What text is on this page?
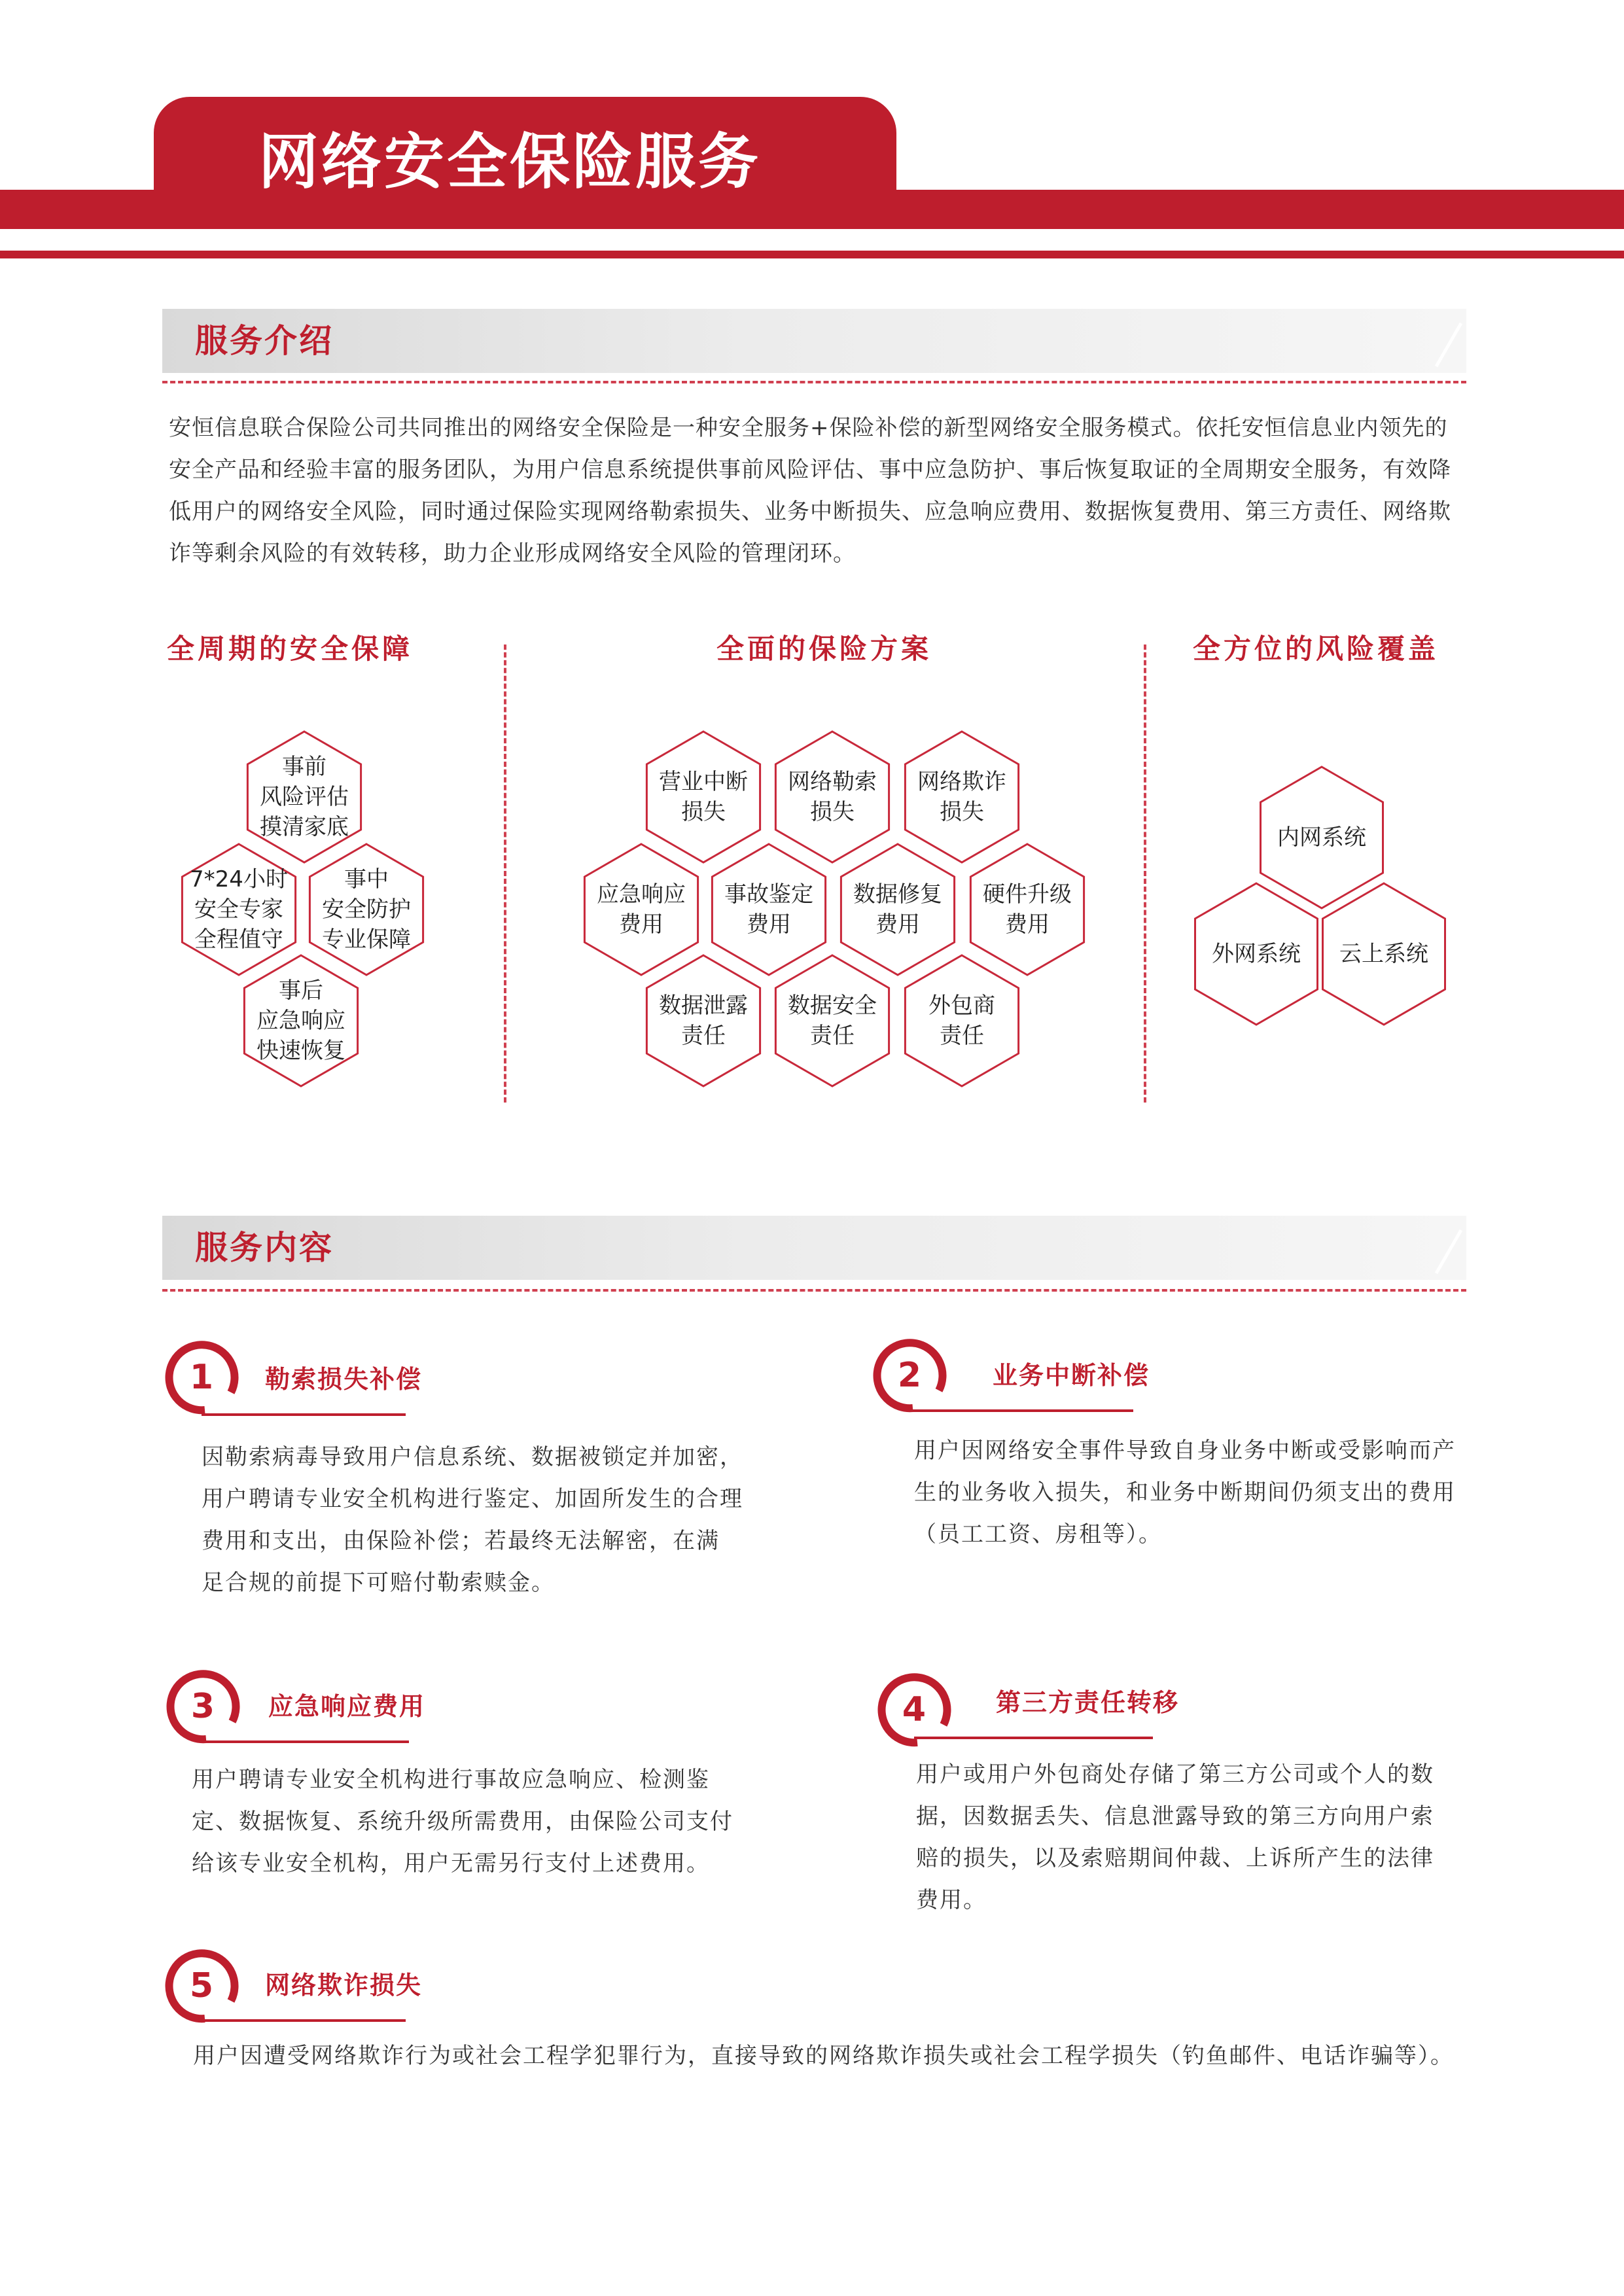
网络安全保险服务
服务介绍
安恒信息联合保险公司共同推出的网络安全保险是一种安全服务+保险补偿的新型网络安全服务模式。依托安恒信息业内领先的安全产品和经验丰富的服务团队，为用户信息系统提供事前风险评估、事中应急防护、事后恢复取证的全周期安全服务，有效降低用户的网络安全风险，同时通过保险实现网络勒索损失、业务中断损失、应急响应费用、数据恢复费用、第三方责任、网络欺诈等剩余风险的有效转移，助力企业形成网络安全风险的管理闭环。
全周期的安全保障	全面的保险方案	全方位的风险覆盖
事前
风险评估
摸清家底
7*24小时
安全专家
全程值守
事中
安全防护
专业保障
事后
应急响应
快速恢复
营业中断
损失
网络勒索
损失
网络欺诈
损失
应急响应
费用
事故鉴定
费用
数据修复
费用
硬件升级
费用
数据泄露
责任
数据安全
责任
外包商
责任
内网系统
外网系统 云上系统
服务内容
1	勒索损失补偿
因勒索病毒导致用户信息系统、数据被锁定并加密，
用户聘请专业安全机构进行鉴定、加固所发生的合理
费用和支出，由保险补偿；若最终无法解密，在满
足合规的前提下可赔付勒索赎金。
2	业务中断补偿
用户因网络安全事件导致自身业务中断或受影响而产
生的业务收入损失，和业务中断期间仍须支出的费用
（员工工资、房租等）。
3	应急响应费用
用户聘请专业安全机构进行事故应急响应、检测鉴
定、数据恢复、系统升级所需费用，由保险公司支付
给该专业安全机构，用户无需另行支付上述费用。
4	第三方责任转移
用户或用户外包商处存储了第三方公司或个人的数
据，因数据丢失、信息泄露导致的第三方向用户索
赔的损失，以及索赔期间仲裁、上诉所产生的法律
费用。
5	网络欺诈损失
用户因遭受网络欺诈行为或社会工程学犯罪行为，直接导致的网络欺诈损失或社会工程学损失（钓鱼邮件、电话诈骗等）。
